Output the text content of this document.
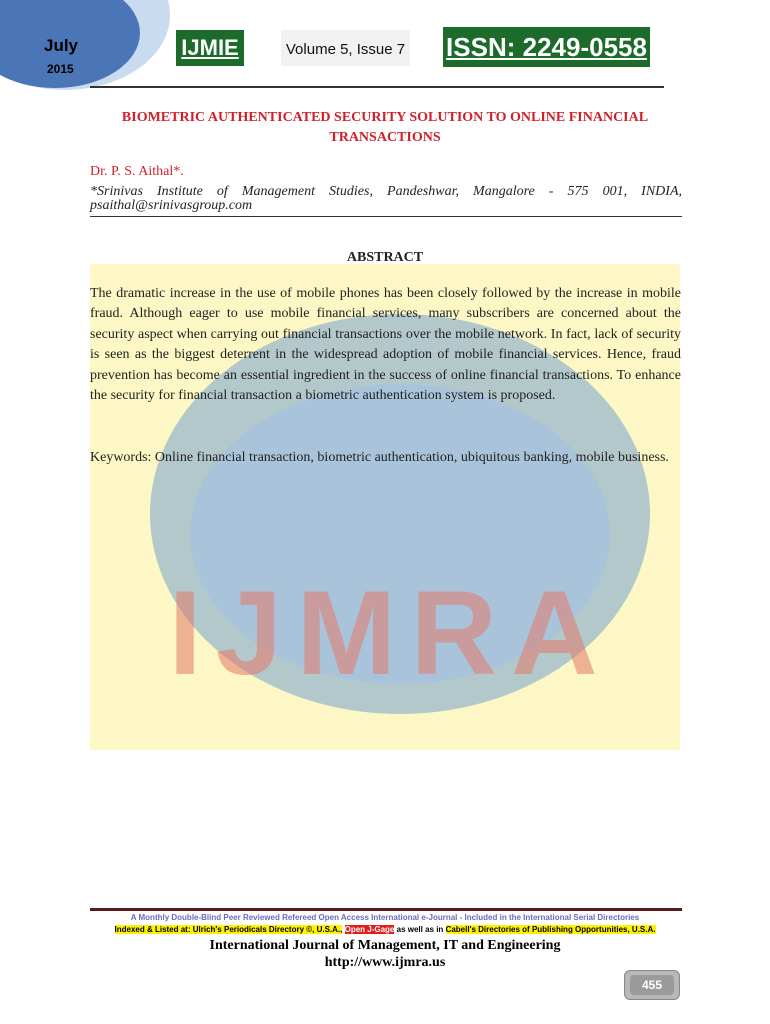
July
2015
IJMIE	Volume 5, Issue 7 ISSN: 2249-0558
BIOMETRIC AUTHENTICATED SECURITY SOLUTION TO ONLINE FINANCIAL TRANSACTIONS
Dr. P. S. Aithal*.
*Srinivas Institute of Management Studies, Pandeshwar, Mangalore - 575 001, INDIA,
psaithal@srinivasgroup.com
IJMRA
ABSTRACT
The dramatic increase in the use of mobile phones has been closely followed by the increase in mobile fraud. Although eager to use mobile financial services, many subscribers are concerned about the security aspect when carrying out financial transactions over the mobile network. In fact, lack of security is seen as the biggest deterrent in the widespread adoption of mobile financial services. Hence, fraud prevention has become an essential ingredient in the success of online financial transactions. To enhance the security for financial transaction a biometric authentication system is proposed.
Keywords: Online financial transaction, biometric authentication, ubiquitous banking, mobile business.
A Monthly Double-Blind Peer Reviewed Refereed Open Access International e-Journal - Included in the International Serial Directories
Indexed & Listed at: Ulrich's Periodicals Directory ©, U.S.A., Open J-Gage as well as in Cabell's Directories of Publishing Opportunities, U.S.A.
International Journal of Management, IT and Engineering
http://www.ijmra.us
455
